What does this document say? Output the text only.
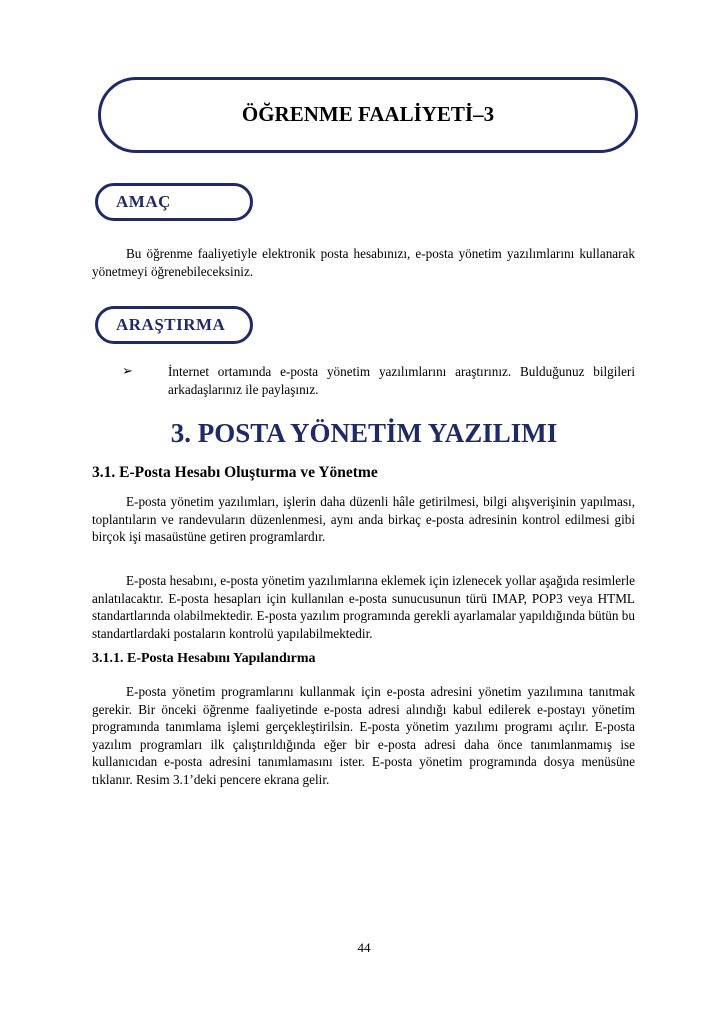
ÖĞRENME FAALİYETİ–3
AMAÇ

Bu öğrenme faaliyetiyle elektronik posta hesabınızı, e-posta yönetim yazılımlarını kullanarak yönetmeyi öğrenebileceksiniz.

ARAŞTIRMA
➢	İnternet ortamında e-posta yönetim yazılımlarını araştırınız. Bulduğunuz bilgileri arkadaşlarınız ile paylaşınız.

3. POSTA YÖNETİM YAZILIMI
3.1. E-Posta Hesabı Oluşturma ve Yönetme

E-posta yönetim yazılımları, işlerin daha düzenli hâle getirilmesi, bilgi alışverişinin yapılması, toplantıların ve randevuların düzenlenmesi, aynı anda birkaç e-posta adresinin kontrol edilmesi gibi birçok işi masaüstüne getiren programlardır.

E-posta hesabını, e-posta yönetim yazılımlarına eklemek için izlenecek yollar aşağıda resimlerle anlatılacaktır. E-posta hesapları için kullanılan e-posta sunucusunun türü IMAP, POP3 veya HTML standartlarında olabilmektedir. E-posta yazılım programında gerekli ayarlamalar yapıldığında bütün bu standartlardaki postaların kontrolü yapılabilmektedir.

3.1.1. E-Posta Hesabını Yapılandırma

E-posta yönetim programlarını kullanmak için e-posta adresini yönetim yazılımına tanıtmak gerekir. Bir önceki öğrenme faaliyetinde e-posta adresi alındığı kabul edilerek e-postayı yönetim programında tanımlama işlemi gerçekleştirilsin. E-posta yönetim yazılımı programı açılır. E-posta yazılım programları ilk çalıştırıldığında eğer bir e-posta adresi daha önce tanımlanmamış ise kullanıcıdan e-posta adresini tanımlamasını ister. E-posta yönetim programında dosya menüsüne tıklanır. Resim 3.1’deki pencere ekrana gelir.

44
